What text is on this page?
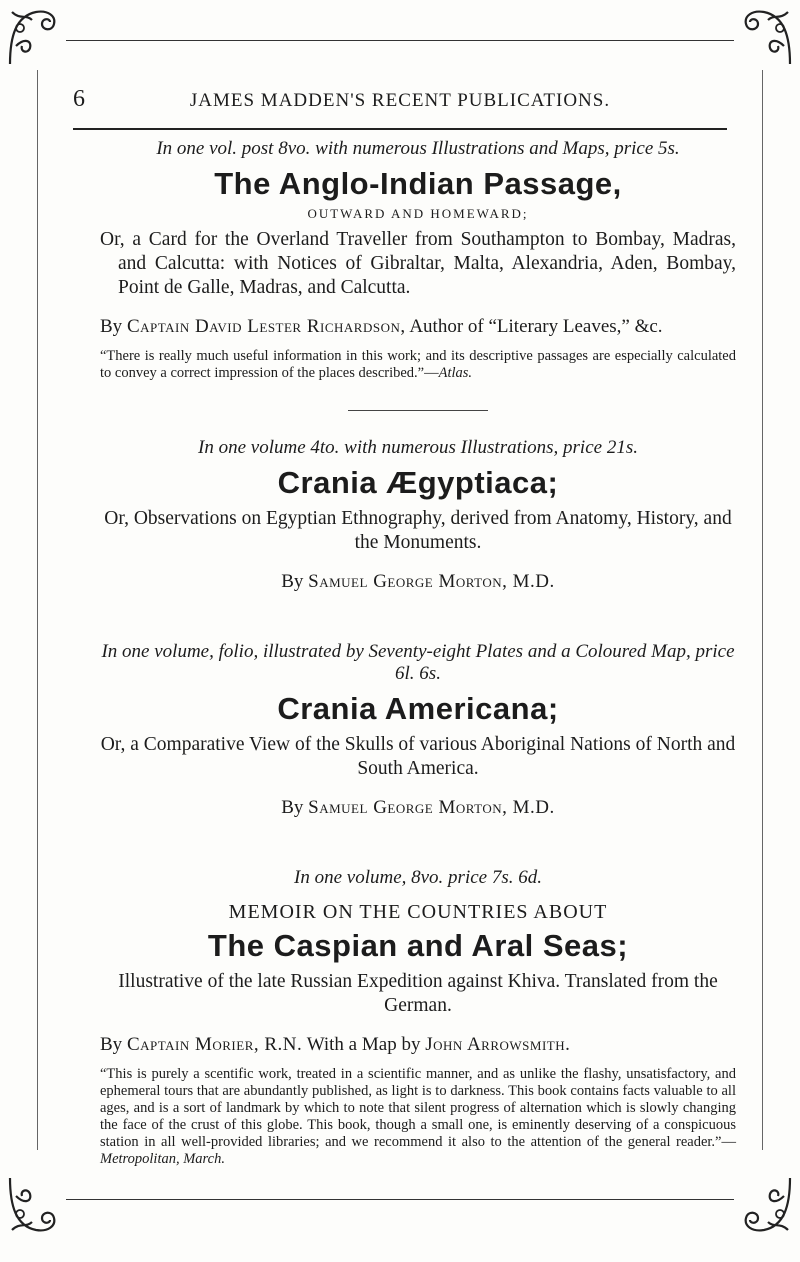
6	JAMES MADDEN'S RECENT PUBLICATIONS.

In one vol. post 8vo. with numerous Illustrations and Maps, price 5s.

The Anglo-Indian Passage,
OUTWARD AND HOMEWARD;

Or, a Card for the Overland Traveller from Southampton to Bombay, Madras, and Calcutta: with Notices of Gibraltar, Malta, Alexandria, Aden, Bombay, Point de Galle, Madras, and Calcutta.

By Captain David Lester Richardson, Author of “Literary Leaves,” &c.

“There is really much useful information in this work; and its descriptive passages are especially calculated to convey a correct impression of the places described.”—Atlas.

In one volume 4to. with numerous Illustrations, price 21s.

Crania Ægyptiaca;

Or, Observations on Egyptian Ethnography, derived from Anatomy, History, and the Monuments.

By Samuel George Morton, M.D.

In one volume, folio, illustrated by Seventy-eight Plates and a Coloured Map, price 6l. 6s.

Crania Americana;

Or, a Comparative View of the Skulls of various Aboriginal Nations of North and South America.

By Samuel George Morton, M.D.

In one volume, 8vo. price 7s. 6d.

MEMOIR ON THE COUNTRIES ABOUT
The Caspian and Aral Seas;

Illustrative of the late Russian Expedition against Khiva. Translated from the German.

By Captain Morier, R.N. With a Map by John Arrowsmith.

“This is purely a scentific work, treated in a scientific manner, and as unlike the flashy, unsatisfactory, and ephemeral tours that are abundantly published, as light is to darkness. This book contains facts valuable to all ages, and is a sort of landmark by which to note that silent progress of alternation which is slowly changing the face of the crust of this globe. This book, though a small one, is eminently deserving of a conspicuous station in all well-provided libraries; and we recommend it also to the attention of the general reader.”— Metropolitan, March.
